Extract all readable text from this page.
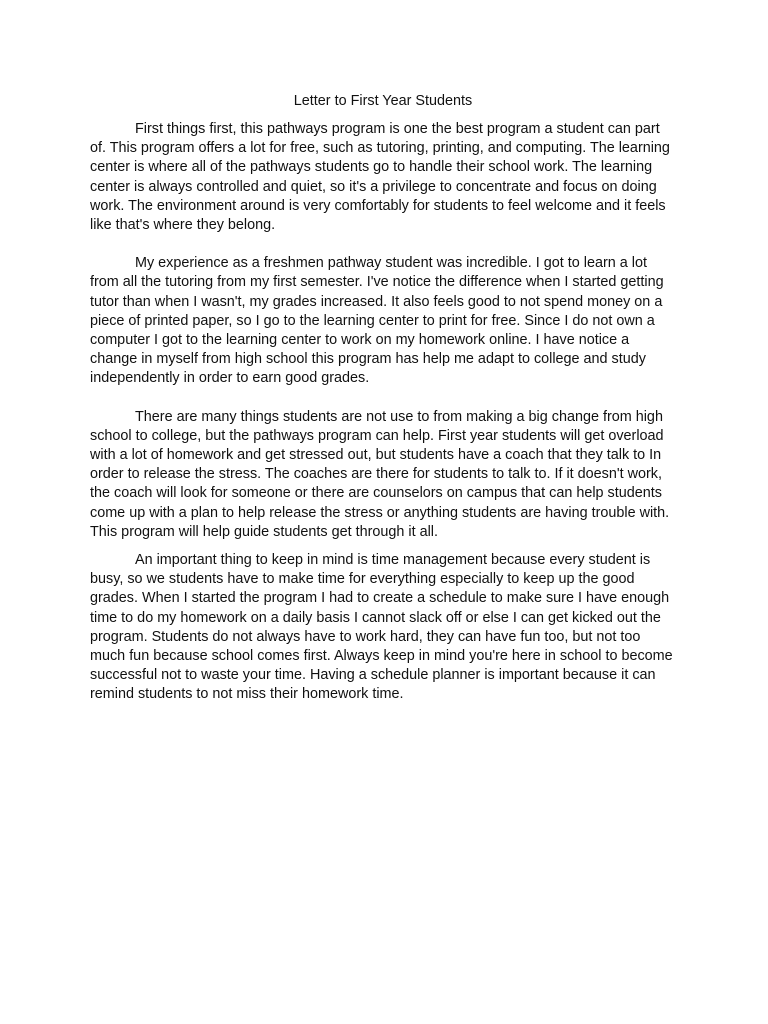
Letter to First Year Students

First things first, this pathways program is one the best program a student can part of. This program offers a lot for free, such as tutoring, printing, and computing. The learning center is where all of the pathways students go to handle their school work. The learning center is always controlled and quiet, so it's a privilege to concentrate and focus on doing work. The environment around is very comfortably for students to feel welcome and it feels like that's where they belong.

My experience as a freshmen pathway student was incredible. I got to learn a lot from all the tutoring from my first semester. I've notice the difference when I started getting tutor than when I wasn't, my grades increased. It also feels good to not spend money on a piece of printed paper, so I go to the learning center to print for free. Since I do not own a computer I got to the learning center to work on my homework online. I have notice a change in myself from high school this program has help me adapt to college and study independently in order to earn good grades.

There are many things students are not use to from making a big change from high school to college, but the pathways program can help. First year students will get overload with a lot of homework and get stressed out, but students have a coach that they talk to In order to release the stress. The coaches are there for students to talk to. If it doesn't work, the coach will look for someone or there are counselors on campus that can help students come up with a plan to help release the stress or anything students are having trouble with. This program will help guide students get through it all.

An important thing to keep in mind is time management because every student is busy, so we students have to make time for everything especially to keep up the good grades. When I started the program I had to create a schedule to make sure I have enough time to do my homework on a daily basis I cannot slack off or else I can get kicked out the program. Students do not always have to work hard, they can have fun too, but not too much fun because school comes first. Always keep in mind you're here in school to become successful not to waste your time. Having a schedule planner is important because it can remind students to not miss their homework time.
